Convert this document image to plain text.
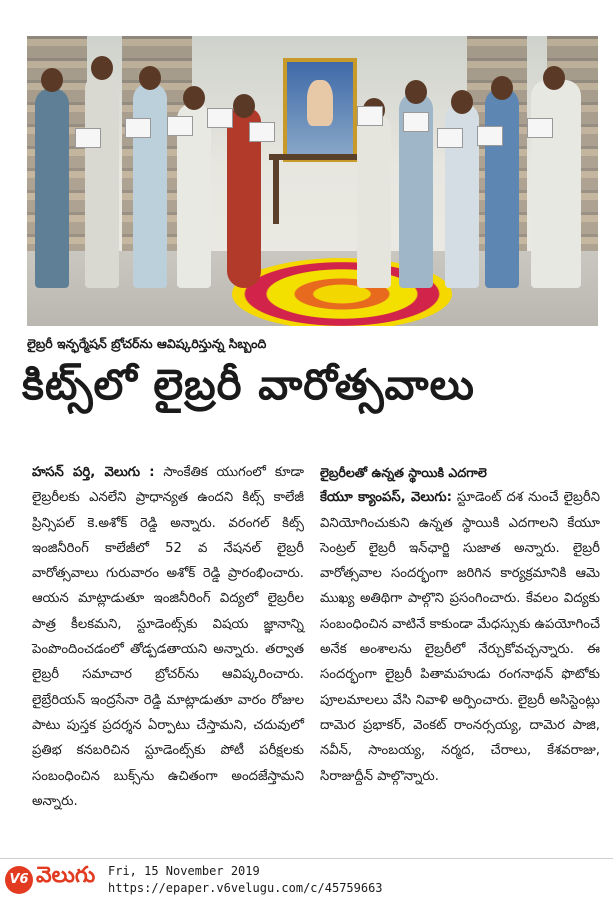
లైబ్రరీ ఇన్ఫర్మేషన్ బ్రోచర్‌ను ఆవిష్కరిస్తున్న సిబ్బంది
కిట్స్‌లో లైబ్రరీ వారోత్సవాలు

హసన్ పర్తి, వెలుగు : సాంకేతిక యుగంలో కూడా లైబ్రరీలకు ఎనలేని ప్రాధాన్యత ఉందని కిట్స్ కాలేజీ ప్రిన్సిపల్ కె.అశోక్ రెడ్డి అన్నారు. వరంగల్ కిట్స్ ఇంజినీరింగ్ కాలేజీలో 52 వ నేషనల్ లైబ్రరీ వారోత్సవాలు గురువారం అశోక్ రెడ్డి ప్రారంభించారు. ఆయన మాట్లాడుతూ ఇంజినీరింగ్ విద్యలో లైబ్రరీల పాత్ర కీలకమని, స్టూడెంట్స్‌కు విషయ జ్ఞానాన్ని పెంపొందించడంలో తోడ్పడతాయని అన్నారు. తర్వాత లైబ్రరీ సమాచార బ్రోచర్‌ను ఆవిష్కరించారు. లైబ్రేరియన్ ఇంద్రసేనా రెడ్డి మాట్లాడుతూ వారం రోజుల పాటు పుస్తక ప్రదర్శన ఏర్పాటు చేస్తామని, చదువులో ప్రతిభ కనబరిచిన స్టూడెంట్స్‌కు పోటీ పరీక్షలకు సంబంధించిన బుక్స్‌ను ఉచితంగా అందజేస్తామని అన్నారు.

లైబ్రరీలతో ఉన్నత స్థాయికి ఎదగాలె

కేయూ క్యాంపస్, వెలుగు: స్టూడెంట్ దశ నుంచే లైబ్రరీని వినియోగించుకుని ఉన్నత స్థాయికి ఎదగాలని కేయూ సెంట్రల్ లైబ్రరీ ఇన్‌ఛార్జి సుజాత అన్నారు. లైబ్రరీ వారోత్సవాల సందర్భంగా జరిగిన కార్యక్రమానికి ఆమె ముఖ్య అతిథిగా పాల్గొని ప్రసంగించారు. కేవలం విద్యకు సంబంధించిన వాటినే కాకుండా మేధస్సుకు ఉపయోగించే అనేక అంశాలను లైబ్రరీలో నేర్చుకోవచ్చన్నారు. ఈ సందర్భంగా లైబ్రరీ పితామహుడు రంగనాథన్ ఫొటోకు పూలమాలలు వేసి నివాళి అర్పించారు. లైబ్రరీ అసిస్టెంట్లు దామెర ప్రభాకర్, వెంకట్ రాంనర్సయ్య, దామెర పాజి, నవీన్, సాంబయ్య, నర్మద, చేరాలు, కేశవరాజు, సిరాజుద్దీన్ పాల్గొన్నారు.

V6 వెలుగు Fri, 15 November 2019
https://epaper.v6velugu.com/c/45759663
